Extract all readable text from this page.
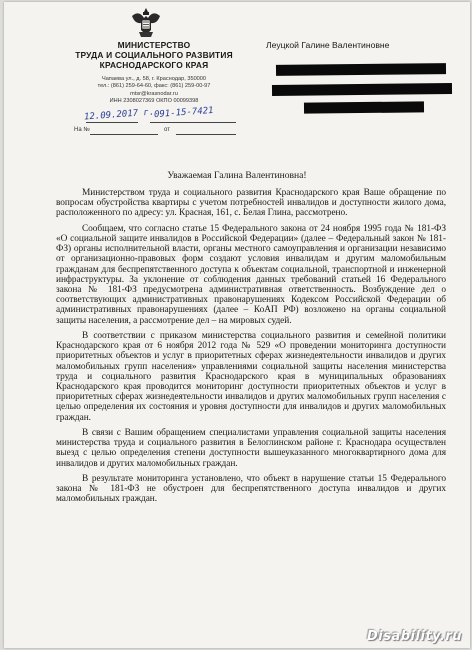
МИНИСТЕРСТВО
ТРУДА И СОЦИАЛЬНОГО РАЗВИТИЯ
КРАСНОДАРСКОГО КРАЯ
Чапаева ул., д. 58, г. Краснодар, 350000
тел.: (861) 259-64-60, факс: (861) 259-00-97
mtsr@krasnodar.ru
ИНН 2308027369 ОКПО 00099398
12.09.2017 г. 091-15-7421
На №	от
Леуцкой Галине Валентиновне
Уважаемая Галина Валентиновна!

Министерством труда и социального развития Краснодарского края Ваше обращение по вопросам обустройства квартиры с учетом потребностей инвалидов и доступности жилого дома, расположенного по адресу: ул. Красная, 161, с. Белая Глина, рассмотрено.

Сообщаем, что согласно статье 15 Федерального закона от 24 ноября 1995 года № 181-ФЗ «О социальной защите инвалидов в Российской Федерации» (далее – Федеральный закон № 181-ФЗ) органы исполнительной власти, органы местного самоуправления и организации независимо от организационно-правовых форм создают условия инвалидам и другим маломобильным гражданам для беспрепятственного доступа к объектам социальной, транспортной и инженерной инфраструктуры. За уклонение от соблюдения данных требований статьей 16 Федерального закона № 181-ФЗ предусмотрена административная ответственность. Возбуждение дел о соответствующих административных правонарушениях Кодексом Российской Федерации об административных правонарушениях (далее – КоАП РФ) возложено на органы социальной защиты населения, а рассмотрение дел – на мировых судей.

В соответствии с приказом министерства социального развития и семейной политики Краснодарского края от 6 ноября 2012 года № 529 «О проведении мониторинга доступности приоритетных объектов и услуг в приоритетных сферах жизнедеятельности инвалидов и других маломобильных групп населения» управлениями социальной защиты населения министерства труда и социального развития Краснодарского края в муниципальных образованиях Краснодарского края проводится мониторинг доступности приоритетных объектов и услуг в приоритетных сферах жизнедеятельности инвалидов и других маломобильных групп населения с целью определения их состояния и уровня доступности для инвалидов и других маломобильных граждан.

В связи с Вашим обращением специалистами управления социальной защиты населения министерства труда и социального развития в Белоглинском районе г. Краснодара осуществлен выезд с целью определения степени доступности вышеуказанного многоквартирного дома для инвалидов и других маломобильных граждан.

В результате мониторинга установлено, что объект в нарушение статьи 15 Федерального закона № 181-ФЗ не обустроен для беспрепятственного доступа инвалидов и других маломобильных граждан.

Disability.ru
